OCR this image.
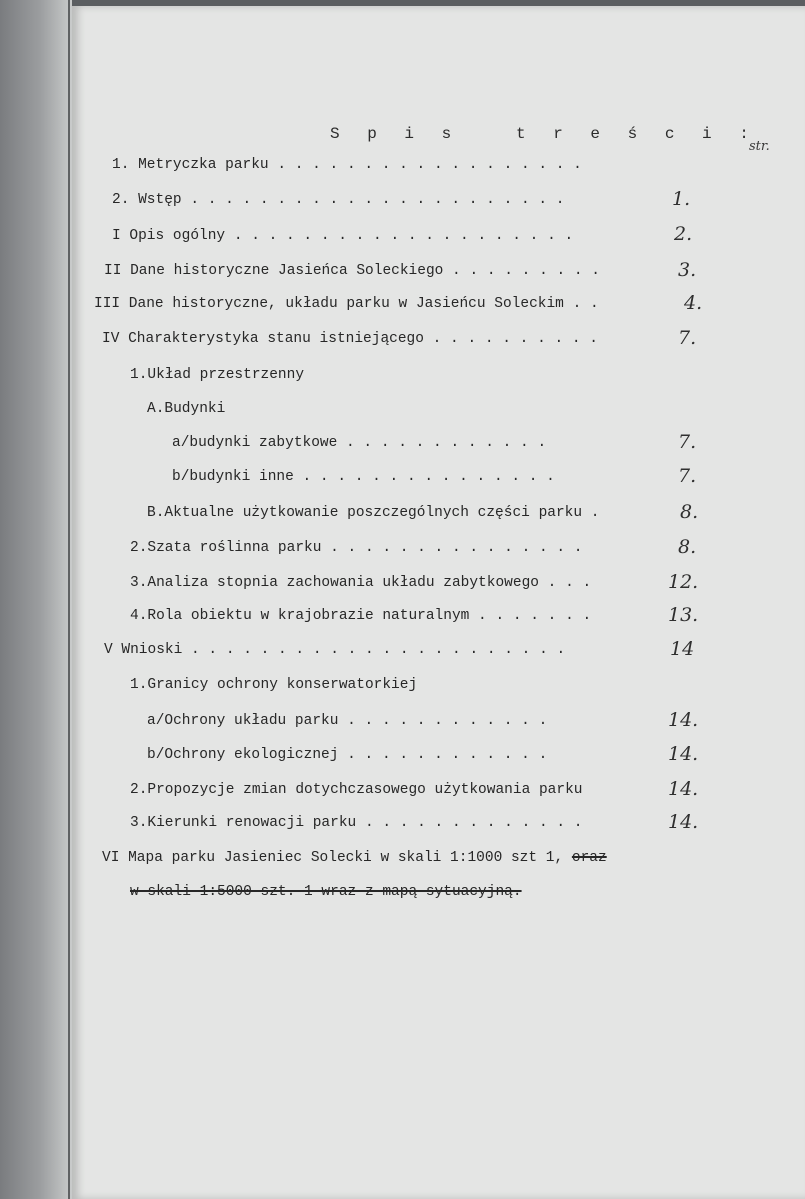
S p i s   t r e ś c i :
str.
1. Metryczka parku . . . . . . . . . . . . . . . . . .
2. Wstęp . . . . . . . . . . . . . . . . . . . . . .	1.
I Opis ogólny . . . . . . . . . . . . . . . . . . . .	2.
II Dane historyczne Jasieńca Soleckiego . . . . . . . . .	3.
III Dane historyczne, układu parku w Jasieńcu Soleckim . .	4.
IV Charakterystyka stanu istniejącego . . . . . . . . . .	7.
1.Układ przestrzenny
A.Budynki
a/budynki zabytkowe . . . . . . . . . . . .	7.
b/budynki inne . . . . . . . . . . . . . . .	7.
B.Aktualne użytkowanie poszczególnych części parku .	8.
2.Szata roślinna parku . . . . . . . . . . . . . . .	8.
3.Analiza stopnia zachowania układu zabytkowego . . .	12.
4.Rola obiektu w krajobrazie naturalnym . . . . . . .	13.
V Wnioski . . . . . . . . . . . . . . . . . . . . . .	14
1.Granicy ochrony konserwatorkiej
a/Ochrony układu parku . . . . . . . . . . . .	14.
b/Ochrony ekologicznej . . . . . . . . . . . .	14.
2.Propozycje zmian dotychczasowego użytkowania parku	14.
3.Kierunki renowacji parku . . . . . . . . . . . . .	14.
VI Mapa parku Jasieniec Solecki w skali 1:1000 szt 1, oraz
w skali 1:5000 szt. 1 wraz z mapą sytuacyjną.
